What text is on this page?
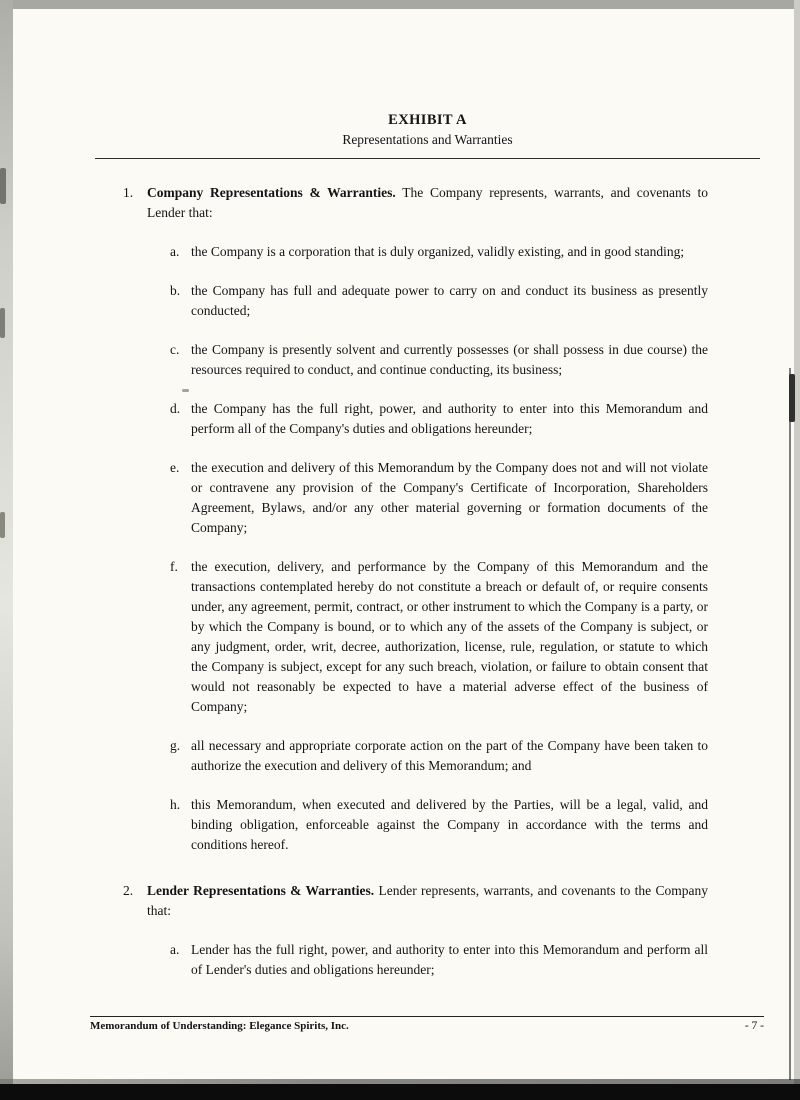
EXHIBIT A
Representations and Warranties
1.	Company Representations & Warranties. The Company represents, warrants, and covenants to Lender that:
a. the Company is a corporation that is duly organized, validly existing, and in good standing;
b. the Company has full and adequate power to carry on and conduct its business as presently conducted;
c. the Company is presently solvent and currently possesses (or shall possess in due course) the resources required to conduct, and continue conducting, its business;
d. the Company has the full right, power, and authority to enter into this Memorandum and perform all of the Company's duties and obligations hereunder;
e. the execution and delivery of this Memorandum by the Company does not and will not violate or contravene any provision of the Company's Certificate of Incorporation, Shareholders Agreement, Bylaws, and/or any other material governing or formation documents of the Company;
f. the execution, delivery, and performance by the Company of this Memorandum and the transactions contemplated hereby do not constitute a breach or default of, or require consents under, any agreement, permit, contract, or other instrument to which the Company is a party, or by which the Company is bound, or to which any of the assets of the Company is subject, or any judgment, order, writ, decree, authorization, license, rule, regulation, or statute to which the Company is subject, except for any such breach, violation, or failure to obtain consent that would not reasonably be expected to have a material adverse effect of the business of Company;
g. all necessary and appropriate corporate action on the part of the Company have been taken to authorize the execution and delivery of this Memorandum; and
h. this Memorandum, when executed and delivered by the Parties, will be a legal, valid, and binding obligation, enforceable against the Company in accordance with the terms and conditions hereof.
2.	Lender Representations & Warranties. Lender represents, warrants, and covenants to the Company that:
a. Lender has the full right, power, and authority to enter into this Memorandum and perform all of Lender's duties and obligations hereunder;
Memorandum of Understanding: Elegance Spirits, Inc.	- 7 -
